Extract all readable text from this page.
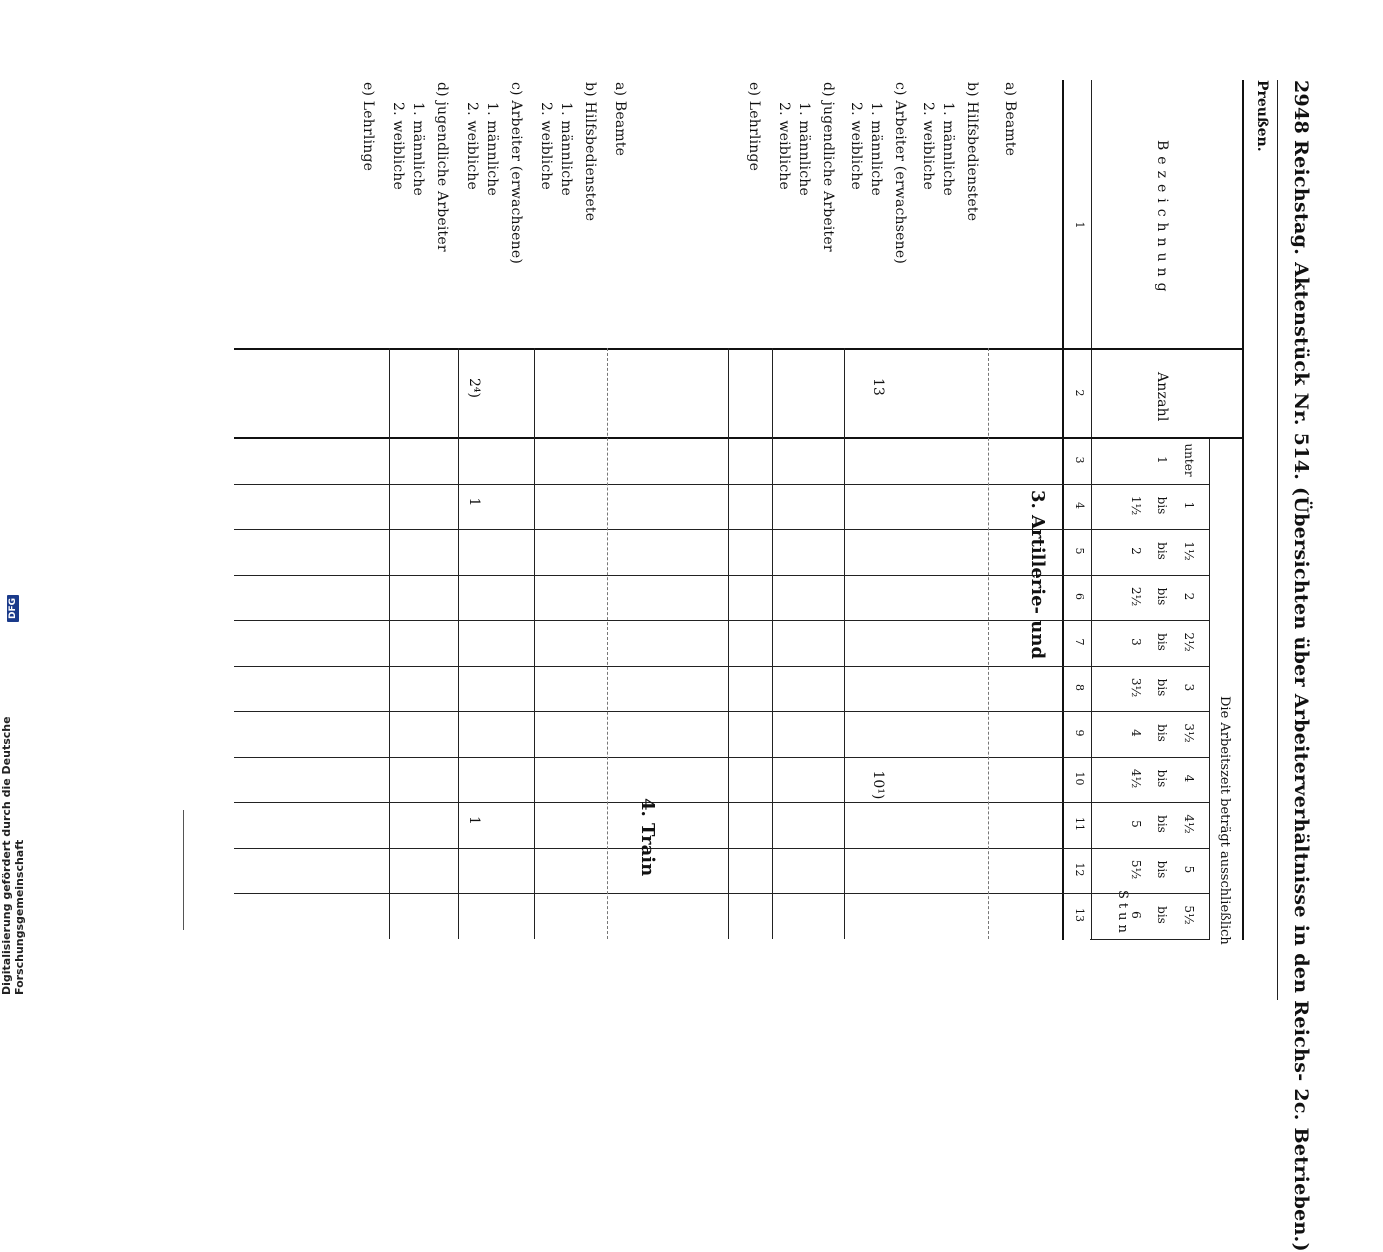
2948
Reichstag. Aktenstück Nr. 514. (Übersichten über Arbeiterverhältnisse in den Reichs- 2c. Betrieben.)
Preußen.
Bezeichnung
Anzahl
Die Arbeitszeit beträgt ausschließlich
Stun
unter
1
1
bis
1½
1½
bis
2
2
bis
2½
2½
bis
3
3
bis
3½
3½
bis
4
4
bis
4½
4½
bis
5
5
bis
5½
5½
bis
6
1
2
3
4
5
6
7
8
9
10
11
12
13
3. Artillerie- und
a) Beamte
b) Hilfsbedienstete
1. männliche
2. weibliche
c) Arbeiter (erwachsene)
1. männliche
13
10¹)
2. weibliche
d) jugendliche Arbeiter
1. männliche
2. weibliche
e) Lehrlinge
4. Train
a) Beamte
b) Hilfsbedienstete
1. männliche
2. weibliche
c) Arbeiter (erwachsene)
1. männliche
2. weibliche
2⁴)
1
1
d) jugendliche Arbeiter
1. männliche
2. weibliche
e) Lehrlinge
Digitalisierung gefördert durch die Deutsche Forschungsgemeinschaft
DFG
